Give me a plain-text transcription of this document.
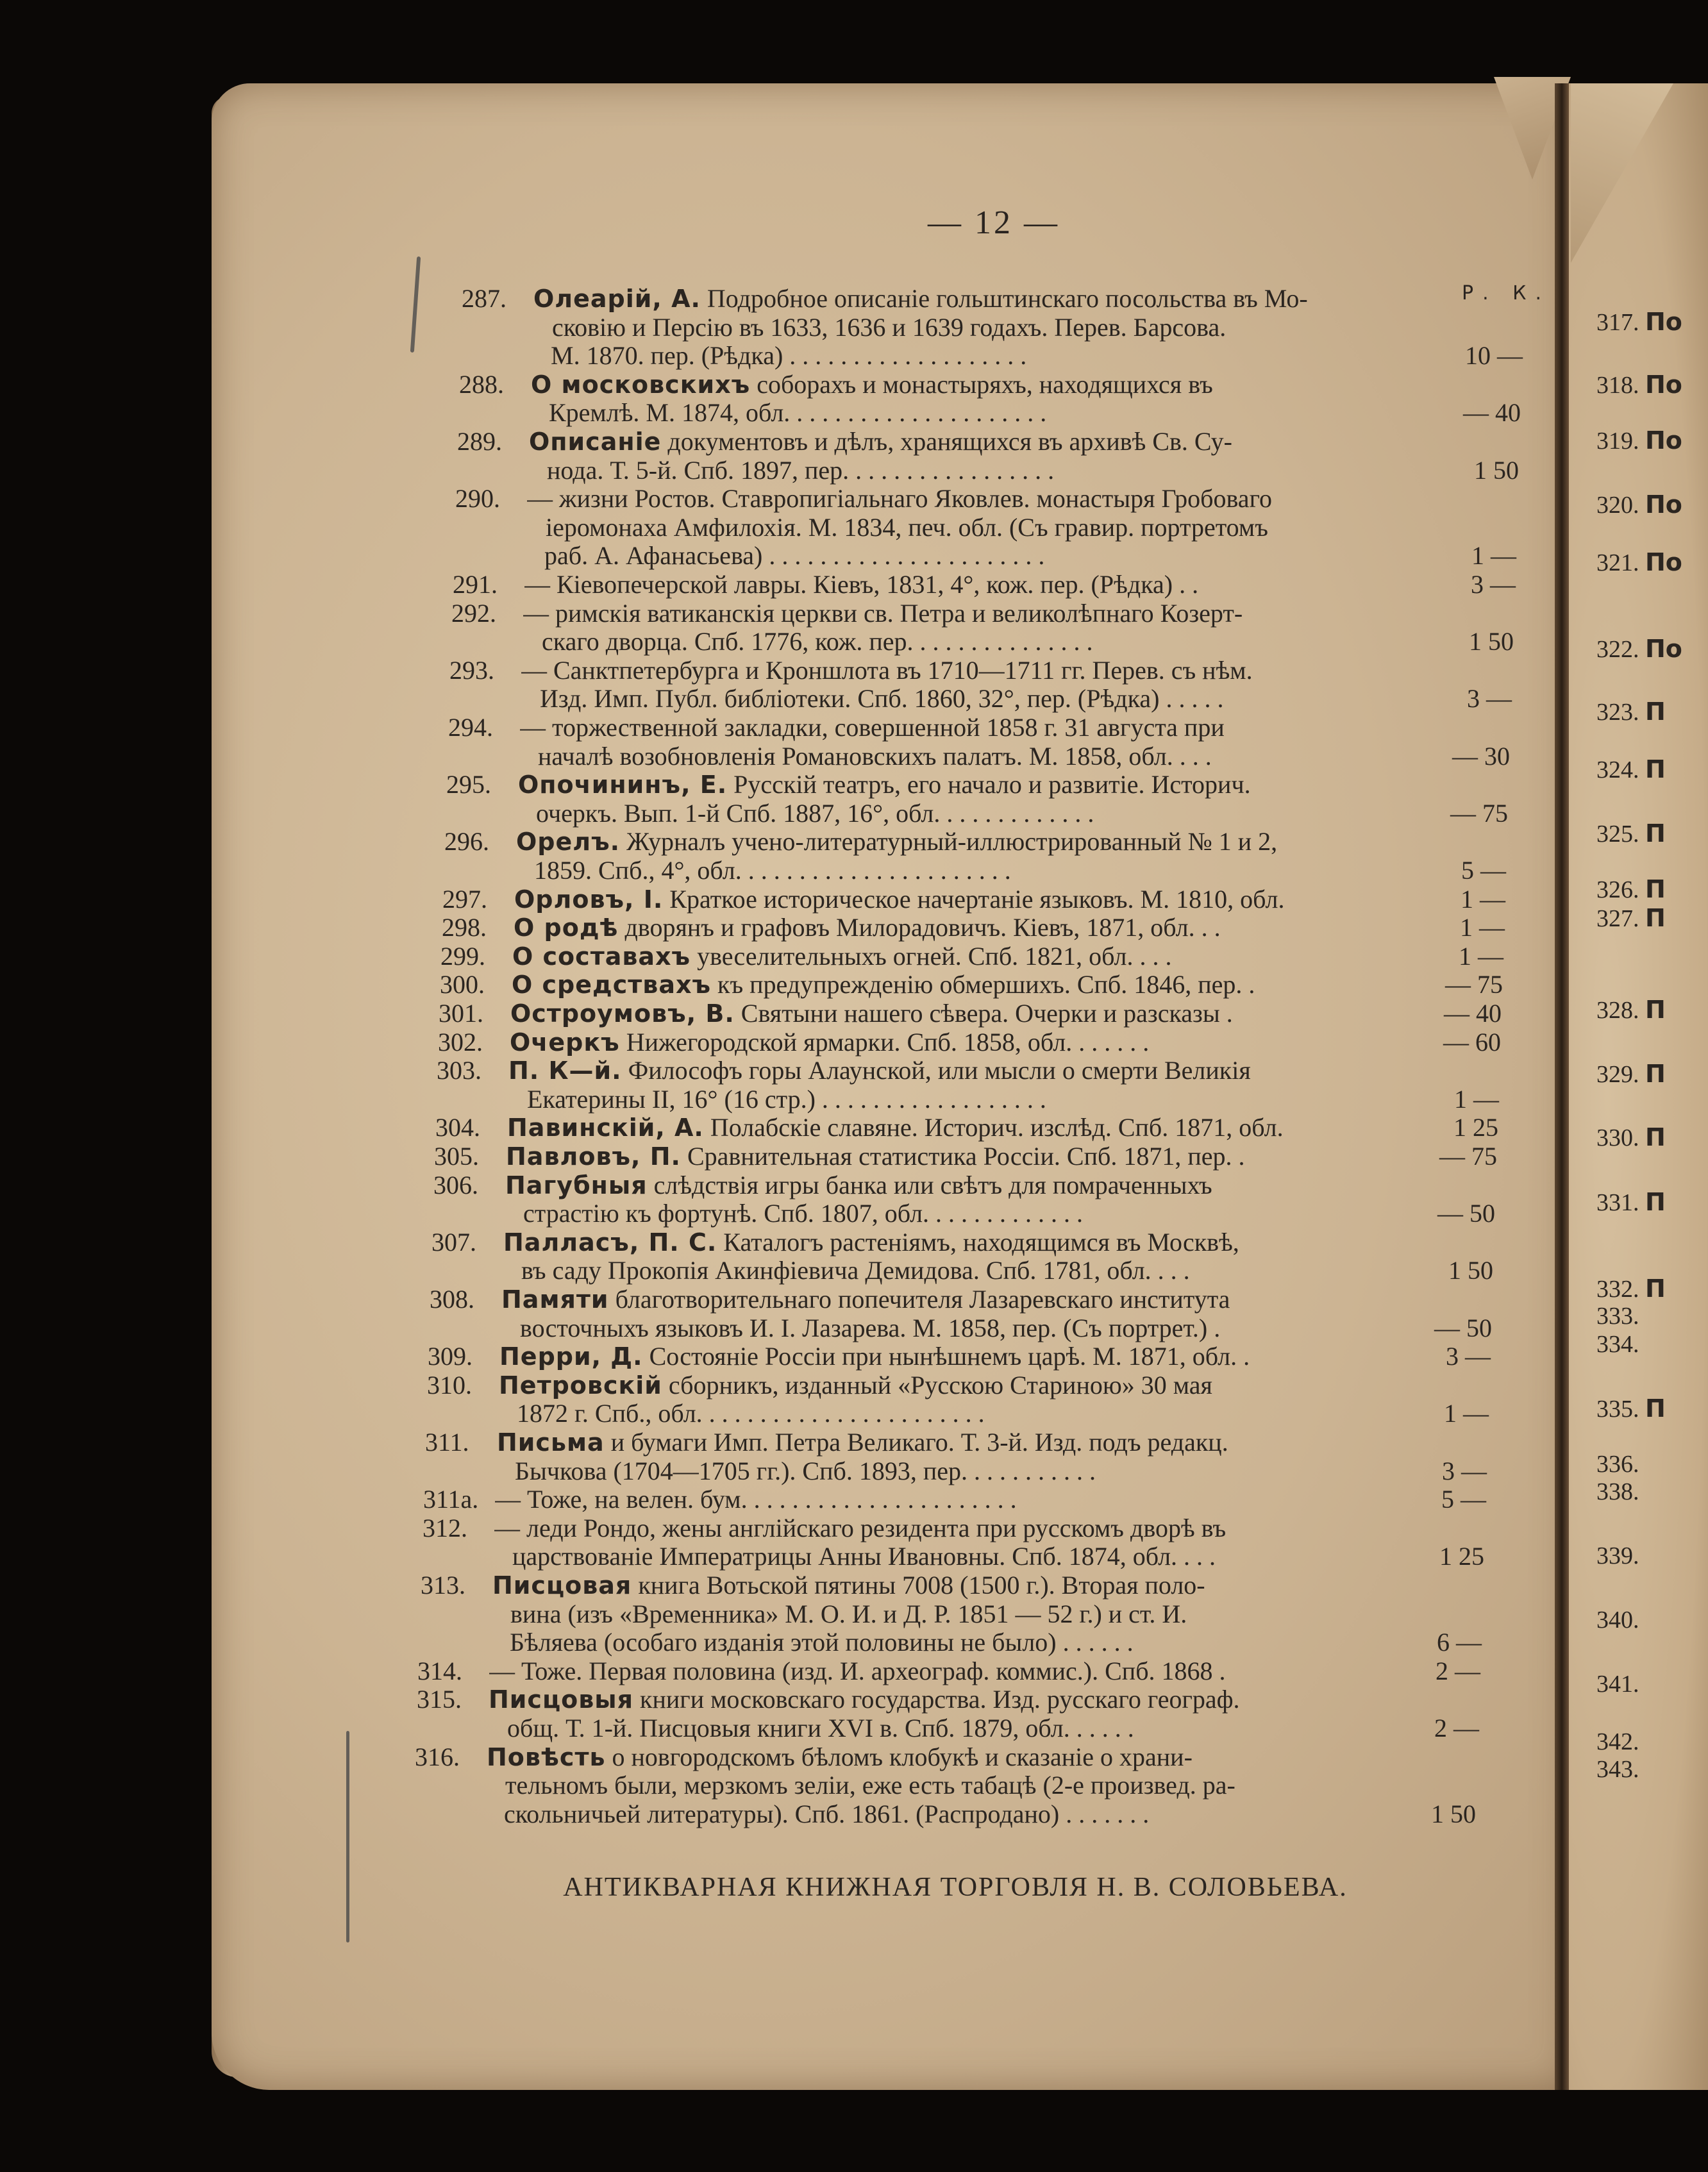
— 12 —
Р. К.
287.	Олеарій, А. Подробное описаніе гольштинскаго посольства въ Мо-
сковію и Персію въ 1633, 1636 и 1639 годахъ. Перев. Барсова.
М. 1870. пер. (Рѣдка) . . . . . . . . . . . . . . . . . . .	10 —
288.	О московскихъ соборахъ и монастыряхъ, находящихся въ
Кремлѣ. М. 1874, обл. . . . . . . . . . . . . . . . . . . . .	— 40
289.	Описаніе документовъ и дѣлъ, хранящихся въ архивѣ Св. Су-
нода. Т. 5-й. Спб. 1897, пер. . . . . . . . . . . . . . . . .	1 50
290.	— жизни Ростов. Ставропигіальнаго Яковлев. монастыря Гробоваго
іеромонаха Амфилохія. М. 1834, печ. обл. (Съ гравир. портретомъ
раб. А. Афанасьева) . . . . . . . . . . . . . . . . . . . . . .	1 —
291.	— Кіевопечерской лавры. Кіевъ, 1831, 4°, кож. пер. (Рѣдка) . .	3 —
292.	— римскія ватиканскія церкви св. Петра и великолѣпнаго Козерт-
скаго дворца. Спб. 1776, кож. пер. . . . . . . . . . . . . . .	1 50
293.	— Санктпетербурга и Кроншлота въ 1710—1711 гг. Перев. съ нѣм.
Изд. Имп. Публ. библіотеки. Спб. 1860, 32°, пер. (Рѣдка) . . . . .	3 —
294.	— торжественной закладки, совершенной 1858 г. 31 августа при
началѣ возобновленія Романовскихъ палатъ. М. 1858, обл. . . .	— 30
295.	Опочининъ, Е. Русскій театръ, его начало и развитіе. Историч.
очеркъ. Вып. 1-й Спб. 1887, 16°, обл. . . . . . . . . . . . .	— 75
296.	Орелъ. Журналъ учено-литературный-иллюстрированный № 1 и 2,
1859. Спб., 4°, обл. . . . . . . . . . . . . . . . . . . . . .	5 —
297.	Орловъ, I. Краткое историческое начертаніе языковъ. М. 1810, обл.	1 —
298.	О родѣ дворянъ и графовъ Милорадовичъ. Кіевъ, 1871, обл. . .	1 —
299.	О составахъ увеселительныхъ огней. Спб. 1821, обл. . . .	1 —
300.	О средствахъ къ предупрежденію обмершихъ. Спб. 1846, пер. .	— 75
301.	Остроумовъ, В. Святыни нашего сѣвера. Очерки и разсказы .	— 40
302.	Очеркъ Нижегородской ярмарки. Спб. 1858, обл. . . . . . .	— 60
303.	П. К—й. Философъ горы Алаунской, или мысли о смерти Великія
Екатерины II, 16° (16 стр.) . . . . . . . . . . . . . . . . . .	1 —
304.	Павинскій, А. Полабскіе славяне. Историч. изслѣд. Спб. 1871, обл.	1 25
305.	Павловъ, П. Сравнительная статистика Россіи. Спб. 1871, пер. .	— 75
306.	Пагубныя слѣдствія игры банка или свѣтъ для помраченныхъ
страстію къ фортунѣ. Спб. 1807, обл. . . . . . . . . . . . .	— 50
307.	Палласъ, П. С. Каталогъ растеніямъ, находящимся въ Москвѣ,
въ саду Прокопія Акинфіевича Демидова. Спб. 1781, обл. . . .	1 50
308.	Памяти благотворительнаго попечителя Лазаревскаго института
восточныхъ языковъ И. I. Лазарева. М. 1858, пер. (Съ портрет.) .	— 50
309.	Перри, Д. Состояніе Россіи при нынѣшнемъ царѣ. М. 1871, обл. .	3 —
310.	Петровскій сборникъ, изданный «Русскою Стариною» 30 мая
1872 г. Спб., обл. . . . . . . . . . . . . . . . . . . . . . .	1 —
311.	Письма и бумаги Имп. Петра Великаго. Т. 3-й. Изд. подъ редакц.
Бычкова (1704—1705 гг.). Спб. 1893, пер. . . . . . . . . . .	3 —
311а. — Тоже, на велен. бум. . . . . . . . . . . . . . . . . . . . . .	5 —
312.	— леди Рондо, жены англійскаго резидента при русскомъ дворѣ въ
царствованіе Императрицы Анны Ивановны. Спб. 1874, обл. . . .	1 25
313.	Писцовая книга Вотьской пятины 7008 (1500 г.). Вторая поло-
вина (изъ «Временника» М. О. И. и Д. Р. 1851 — 52 г.) и ст. И.
Бѣляева (особаго изданія этой половины не было) . . . . . .	6 —
314.	— Тоже. Первая половина (изд. И. археограф. коммис.). Спб. 1868 .	2 —
315.	Писцовыя книги московскаго государства. Изд. русскаго географ.
общ. Т. 1-й. Писцовыя книги XVI в. Спб. 1879, обл. . . . . .	2 —
316.	Повѣсть о новгородскомъ бѣломъ клобукѣ и сказаніе о храни-
тельномъ были, мерзкомъ зеліи, еже есть табацѣ (2-е произвед. ра-
скольничьей литературы). Спб. 1861. (Распродано) . . . . . . .	1 50
АНТИКВАРНАЯ КНИЖНАЯ ТОРГОВЛЯ Н. В. СОЛОВЬЕВА.
317. По
318. По
319. По
320. По
321. По
322. По
323. П
324. П
325. П
326. П
327. П
328. П
329. П
330. П
331. П
332. П
333.
334.
335. П
336.
338.
339.
340.
341.
342.
343.
